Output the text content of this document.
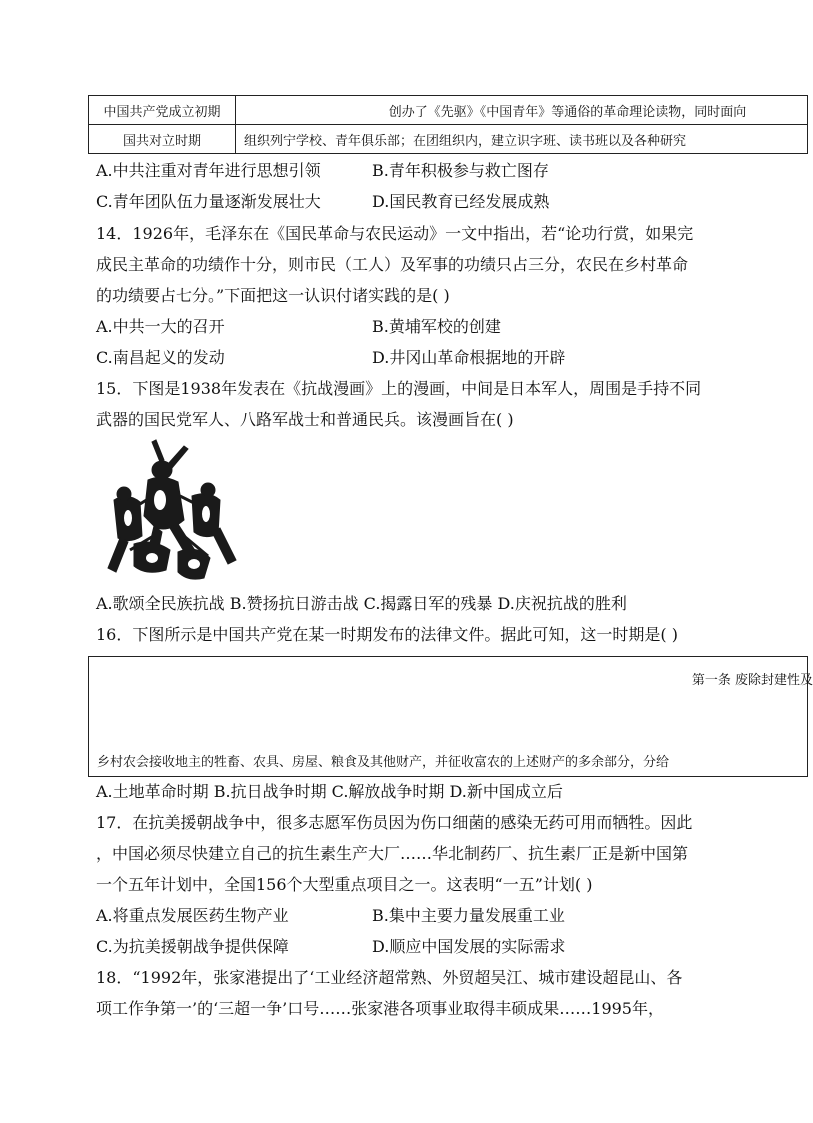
中国共产党成立初期	创办了《先驱》《中国青年》等通俗的革命理论读物，同时面向
国共对立时期	组织列宁学校、青年俱乐部；在团组织内，建立识字班、读书班以及各种研究
A.中共注重对青年进行思想引领	B.青年积极参与救亡图存
C.青年团队伍力量逐渐发展壮大	D.国民教育已经发展成熟
14．1926年，毛泽东在《国民革命与农民运动》一文中指出，若“论功行赏，如果完
成民主革命的功绩作十分，则市民（工人）及军事的功绩只占三分，农民在乡村革命
的功绩要占七分。”下面把这一认识付诸实践的是( )
A.中共一大的召开	B.黄埔军校的创建
C.南昌起义的发动	D.井冈山革命根据地的开辟
15．下图是1938年发表在《抗战漫画》上的漫画，中间是日本军人，周围是手持不同
武器的国民党军人、八路军战士和普通民兵。该漫画旨在( )
A.歌颂全民族抗战 B.赞扬抗日游击战 C.揭露日军的残暴 D.庆祝抗战的胜利
16．下图所示是中国共产党在某一时期发布的法律文件。据此可知，这一时期是( )
第一条 废除封建性及
乡村农会接收地主的牲畜、农具、房屋、粮食及其他财产，并征收富农的上述财产的多余部分，分给
A.土地革命时期 B.抗日战争时期 C.解放战争时期 D.新中国成立后
17．在抗美援朝战争中，很多志愿军伤员因为伤口细菌的感染无药可用而牺牲。因此
，中国必须尽快建立自己的抗生素生产大厂……华北制药厂、抗生素厂正是新中国第
一个五年计划中，全国156个大型重点项目之一。这表明“一五”计划( )
A.将重点发展医药生物产业	B.集中主要力量发展重工业
C.为抗美援朝战争提供保障	D.顺应中国发展的实际需求
18．“1992年，张家港提出了‘工业经济超常熟、外贸超吴江、城市建设超昆山、各
项工作争第一’的‘三超一争’口号……张家港各项事业取得丰硕成果……1995年，
